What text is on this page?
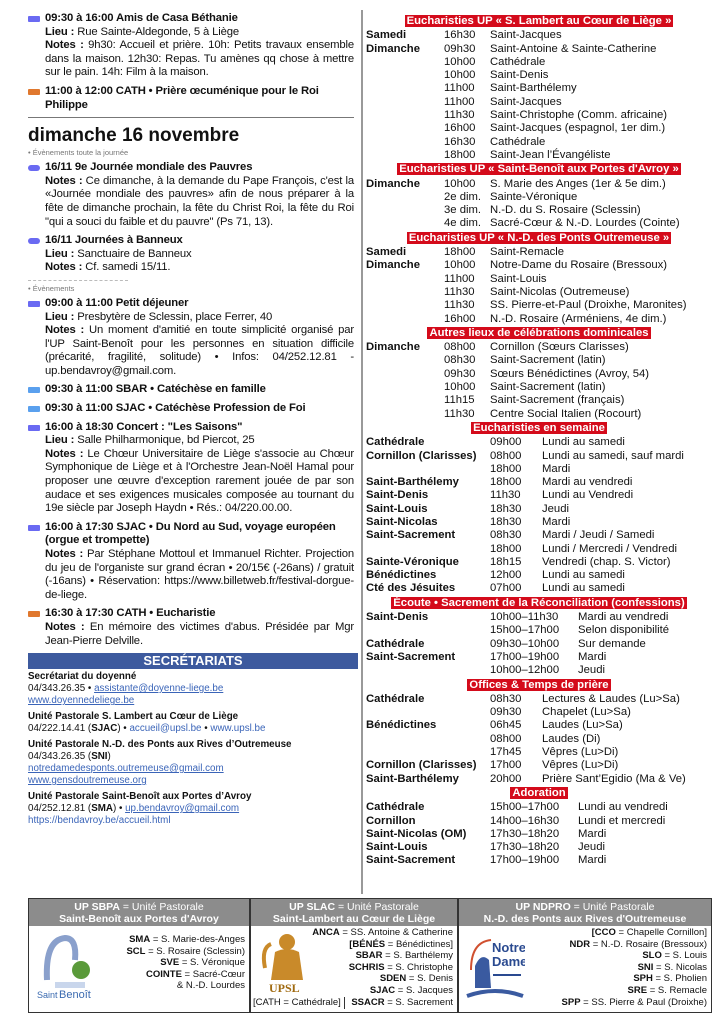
09:30 à 16:00 Amis de Casa Béthanie
Lieu : Rue Sainte-Aldegonde, 5 à Liège
Notes : 9h30: Accueil et prière. 10h: Petits travaux ensemble dans la maison. 12h30: Repas. Tu amènes qq chose à mettre sur le pain. 14h: Film à la maison.
11:00 à 12:00 CATH • Prière œcuménique pour le Roi Philippe
dimanche 16 novembre
• Évènements toute la journée
16/11 9e Journée mondiale des Pauvres
Notes : Ce dimanche, à la demande du Pape François, c'est la «Journée mondiale des pauvres» afin de nous préparer à la fête de dimanche prochain, la fête du Christ Roi, la fête du Roi "qui a souci du faible et du pauvre" (Ps 71, 13).
16/11 Journées à Banneux
Lieu : Sanctuaire de Banneux
Notes : Cf. samedi 15/11.
• Évènements
09:00 à 11:00 Petit déjeuner
Lieu : Presbytère de Sclessin, place Ferrer, 40
Notes : Un moment d'amitié en toute simplicité organisé par l'UP Saint-Benoît pour les personnes en situation difficile (précarité, fragilité, solitude) • Infos: 04/252.12.81 - up.bendavroy@gmail.com.
09:30 à 11:00 SBAR • Catéchèse en famille
09:30 à 11:00 SJAC • Catéchèse Profession de Foi
16:00 à 18:30 Concert : "Les Saisons"
Lieu : Salle Philharmonique, bd Piercot, 25
Notes : Le Chœur Universitaire de Liège s'associe au Chœur Symphonique de Liège et à l'Orchestre Jean-Noël Hamal pour proposer une œuvre d'exception rarement jouée de par son audace et ses exigences musicales composée au tournant du 19e siècle par Joseph Haydn • Rés.: 04/220.00.00.
16:00 à 17:30 SJAC • Du Nord au Sud, voyage européen (orgue et trompette)
Notes : Par Stéphane Mottoul et Immanuel Richter. Projection du jeu de l'organiste sur grand écran • 20/15€ (-26ans) / gratuit (-16ans) • Réservation: https://www.billetweb.fr/festival-dorgue-de-liege.
16:30 à 17:30 CATH • Eucharistie
Notes : En mémoire des victimes d'abus. Présidée par Mgr Jean-Pierre Delville.
SECRÉTARIATS
Secrétariat du doyenné
04/343.26.35 • assistante@doyenne-liege.be
www.doyennedeliege.be
Unité Pastorale S. Lambert au Cœur de Liège
04/222.14.41 (SJAC) • accueil@upsl.be • www.upsl.be
Unité Pastorale N.-D. des Ponts aux Rives d’Outremeuse
04/343.26.35 (SNI)
notredamedesponts.outremeuse@gmail.com
www.gensdoutremeuse.org
Unité Pastorale Saint-Benoît aux Portes d’Avroy
04/252.12.81 (SMA) • up.bendavroy@gmail.com
https://bendavroy.be/accueil.html
Eucharisties UP « S. Lambert au Cœur de Liège »
Samedi	16h30	Saint-Jacques
Dimanche	09h30	Saint-Antoine & Sainte-Catherine
10h00	Cathédrale
10h00	Saint-Denis
11h00	Saint-Barthélemy
11h00	Saint-Jacques
11h30	Saint-Christophe (Comm. africaine)
16h00	Saint-Jacques (espagnol, 1er dim.)
16h30	Cathédrale
18h00	Saint-Jean l’Évangéliste
Eucharisties UP « Saint-Benoît aux Portes d'Avroy »
Dimanche	10h00	S. Marie des Anges (1er & 5e dim.)
2e dim. Sainte-Véronique
3e dim. N.-D. du S. Rosaire (Sclessin)
4e dim. Sacré-Cœur & N.-D. Lourdes (Cointe)
Eucharisties UP « N.-D. des Ponts Outremeuse »
Samedi	18h00	Saint-Remacle
Dimanche	10h00	Notre-Dame du Rosaire (Bressoux)
11h00	Saint-Louis
11h30	Saint-Nicolas (Outremeuse)
11h30	SS. Pierre-et-Paul (Droixhe, Maronites)
16h00	N.-D. Rosaire (Arméniens, 4e dim.)
Autres lieux de célébrations dominicales
Dimanche	08h00	Cornillon (Sœurs Clarisses)
08h30	Saint-Sacrement (latin)
09h30	Sœurs Bénédictines (Avroy, 54)
10h00	Saint-Sacrement (latin)
11h15	Saint-Sacrement (français)
11h30	Centre Social Italien (Rocourt)
Eucharisties en semaine
Cathédrale	09h00	Lundi au samedi
Cornillon (Clarisses)	08h00	Lundi au samedi, sauf mardi
18h00	Mardi
Saint-Barthélemy	18h00	Mardi au vendredi
Saint-Denis	11h30	Lundi au Vendredi
Saint-Louis	18h30	Jeudi
Saint-Nicolas	18h30	Mardi
Saint-Sacrement	08h30	Mardi / Jeudi / Samedi
18h00	Lundi / Mercredi / Vendredi
Sainte-Véronique	18h15	Vendredi (chap. S. Victor)
Bénédictines	12h00	Lundi au samedi
Cté des Jésuites	07h00	Lundi au samedi
Écoute • Sacrement de la Réconciliation (confessions)
Saint-Denis	10h00–11h30	Mardi au vendredi
15h00–17h00	Selon disponibilité
Cathédrale	09h30–10h00	Sur demande
Saint-Sacrement	17h00–19h00	Mardi
10h00–12h00	Jeudi
Offices & Temps de prière
Cathédrale	08h30	Lectures & Laudes (Lu>Sa)
09h30	Chapelet (Lu>Sa)
Bénédictines	06h45	Laudes (Lu>Sa)
08h00	Laudes (Di)
17h45	Vêpres (Lu>Di)
Cornillon (Clarisses)	17h00	Vêpres (Lu>Di)
Saint-Barthélemy	20h00	Prière Sant’Egidio (Ma & Ve)
Adoration
Cathédrale	15h00–17h00	Lundi au vendredi
Cornillon	14h00–16h30	Lundi et mercredi
Saint-Nicolas (OM)	17h30–18h20	Mardi
Saint-Louis	17h30–18h20	Jeudi
Saint-Sacrement	17h00–19h00	Mardi
UP SBPA = Unité Pastorale
Saint-Benoît aux Portes d'Avroy
Saint Benoît
SMA = S. Marie-des-Anges
SCL = S. Rosaire (Sclessin)
SVE = S. Véronique
COINTE = Sacré-Cœur
& N.-D. Lourdes
UP SLAC = Unité Pastorale
Saint-Lambert au Cœur de Liège
UPSL
ANCA = SS. Antoine & Catherine
[BÉNÉS = Bénédictines]
SBAR = S. Barthélemy
SCHRIS = S. Christophe
SDEN = S. Denis
SJAC = S. Jacques
SSACR = S. Sacrement
[CATH = Cathédrale]
UP NDPRO = Unité Pastorale
N.-D. des Ponts aux Rives d'Outremeuse
Notre
Dame
[CCO = Chapelle Cornillon]
NDR = N.-D. Rosaire (Bressoux)
SLO = S. Louis
SNI = S. Nicolas
SPH = S. Pholien
SRE = S. Remacle
SPP = SS. Pierre & Paul (Droixhe)
